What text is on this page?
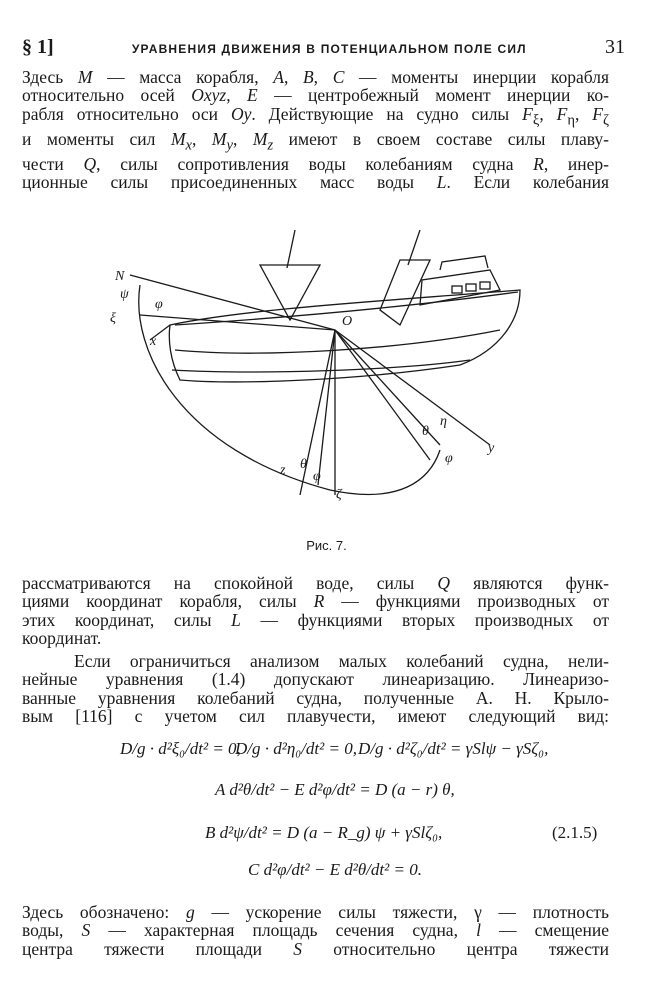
§ 1]	УРАВНЕНИЯ ДВИЖЕНИЯ В ПОТЕНЦИАЛЬНОМ ПОЛЕ СИЛ	31
Здесь M — масса корабля, A, B, C — моменты инерции корабля
относительно осей Oxyz, E — центробежный момент инерции ко-
рабля относительно оси Oy. Действующие на судно силы $F_\xi$, $F_\eta$, $F_\zeta$
и моменты сил $M_x$, $M_y$, $M_z$ имеют в своем составе силы плаву-
чести Q, силы сопротивления воды колебаниям судна R, инер-
ционные силы присоединенных масс воды L. Если колебания
N
ψ
φ
ξ
x
O
θ
η
y
φ
z θ
φ
ζ
Рис. 7.
рассматриваются на спокойной воде, силы Q являются функ-
циями координат корабля, силы R — функциями производных от
этих координат, силы L — функциями вторых производных от
координат.
Если ограничиться анализом малых колебаний судна, нели-
нейные уравнения (1.4) допускают линеаризацию. Линеаризо-
ванные уравнения колебаний судна, полученные А. Н. Крыло-
вым [116] с учетом сил плавучести, имеют следующий вид:
D/g · d²ξ₀/dt² = 0,
D/g · d²η₀/dt² = 0, D/g · d²ζ₀/dt² = γSlψ − γSζ₀,
A d²θ/dt² − E d²φ/dt² = D (a − r) θ,
B d²ψ/dt² = D (a − R_g) ψ + γSlζ₀,
C d²φ/dt² − E d²θ/dt² = 0.
(2.1.5)
Здесь обозначено: g — ускорение силы тяжести, γ — плотность
воды, S — характерная площадь сечения судна, l — смещение
центра тяжести площади S относительно центра тяжести
